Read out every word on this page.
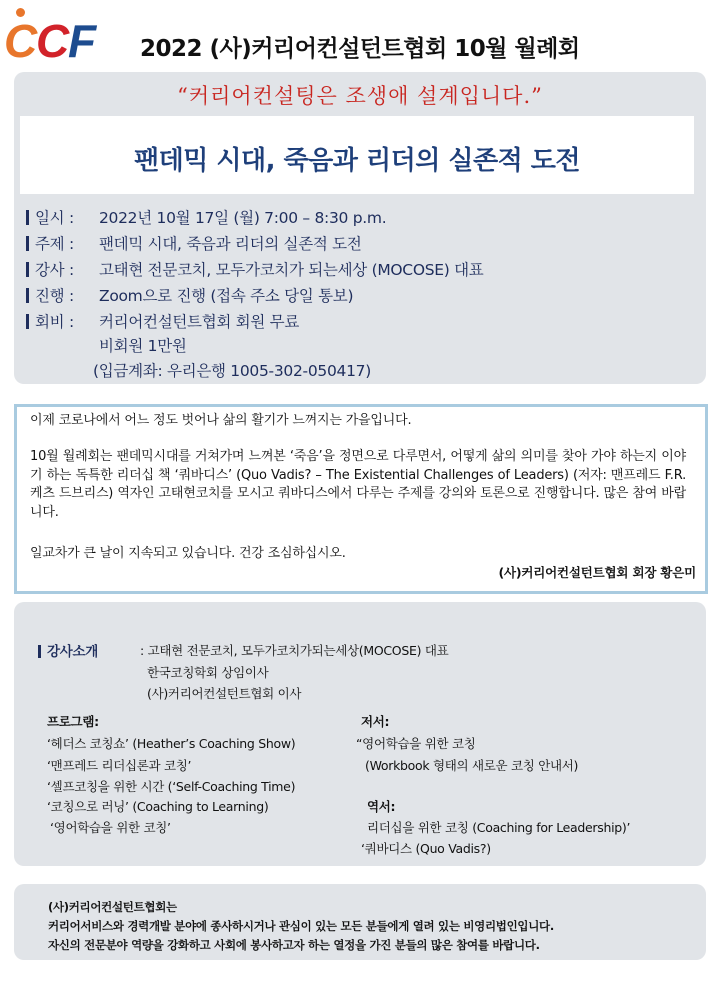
C
C
F 2022 (사)커리어컨설턴트협회 10월 월례회
“커리어컨설팅은 조생애 설계입니다.”
팬데믹 시대, 죽음과 리더의 실존적 도전
일시 : 2022년 10월 17일 (월) 7:00 – 8:30 p.m.
주제 : 팬데믹 시대, 죽음과 리더의 실존적 도전
강사 : 고태현 전문코치, 모두가코치가 되는세상 (MOCOSE) 대표
진행 : Zoom으로 진행 (접속 주소 당일 통보)
회비 : 커리어컨설턴트협회 회원 무료
비회원 1만원
(입금계좌: 우리은행 1005-302-050417)
이제 코로나에서 어느 정도 벗어나 삶의 활기가 느껴지는 가을입니다.
10월 월례회는 팬데믹시대를 거쳐가며 느껴본 ‘죽음’을 정면으로 다루면서, 어떻게 삶의 의미를 찾아 가야 하는지 이야기 하는 독특한 리더십 책 ‘쿼바디스’ (Quo Vadis? – The Existential Challenges of Leaders) (저자: 맨프레드 F.R. 케츠 드브리스) 역자인 고태현코치를 모시고 쿼바디스에서 다루는 주제를 강의와 토론으로 진행합니다. 많은 참여 바랍니다.
일교차가 큰 날이 지속되고 있습니다. 건강 조심하십시오.
(사)커리어컨설턴트협회 회장 황은미
강사소개	: 고태현 전문코치, 모두가코치가되는세상(MOCOSE) 대표
한국코칭학회 상임이사
(사)커리어컨설턴트협회 이사
프로그램:
‘헤더스 코칭쇼’ (Heather’s Coaching Show)
‘맨프레드 리더십론과 코칭’
‘셀프코칭을 위한 시간 (‘Self-Coaching Time)
‘코칭으로 러닝’ (Coaching to Learning)
‘영어학습을 위한 코칭’
저서:
“영어학습을 위한 코칭
(Workbook 형태의 새로운 코칭 안내서)
역서:
리더십을 위한 코칭 (Coaching for Leadership)’
‘쿼바디스 (Quo Vadis?)
(사)커리어컨설턴트협회는
커리어서비스와 경력개발 분야에 종사하시거나 관심이 있는 모든 분들에게 열려 있는 비영리법인입니다.
자신의 전문분야 역량을 강화하고 사회에 봉사하고자 하는 열정을 가진 분들의 많은 참여를 바랍니다.
